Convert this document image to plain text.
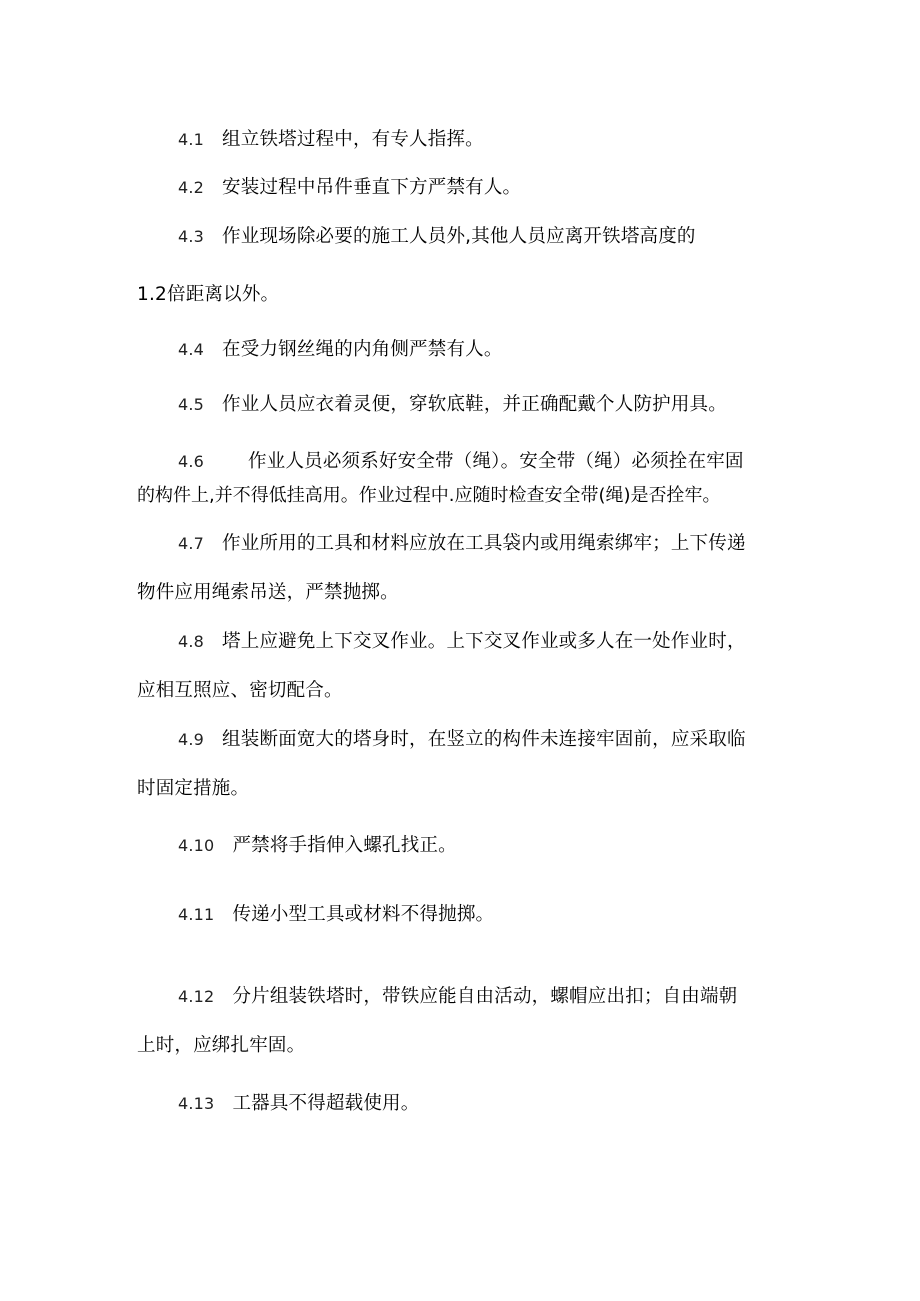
4.1 组立铁塔过程中，有专人指挥。
4.2 安装过程中吊件垂直下方严禁有人。
4.3 作业现场除必要的施工人员外,其他人员应离开铁塔高度的
1.2倍距离以外。
4.4 在受力钢丝绳的内角侧严禁有人。
4.5 作业人员应衣着灵便，穿软底鞋，并正确配戴个人防护用具。
4.6 作业人员必须系好安全带（绳）。安全带（绳）必须拴在牢固
的构件上,并不得低挂高用。作业过程中.应随时检查安全带(绳)是否拴牢。
4.7 作业所用的工具和材料应放在工具袋内或用绳索绑牢；上下传递
物件应用绳索吊送，严禁抛掷。
4.8 塔上应避免上下交叉作业。上下交叉作业或多人在一处作业时，
应相互照应、密切配合。
4.9 组装断面宽大的塔身时，在竖立的构件未连接牢固前，应采取临
时固定措施。
4.10 严禁将手指伸入螺孔找正。
4.11 传递小型工具或材料不得抛掷。
4.12 分片组装铁塔时，带铁应能自由活动，螺帽应出扣；自由端朝
上时，应绑扎牢固。
4.13 工器具不得超载使用。
